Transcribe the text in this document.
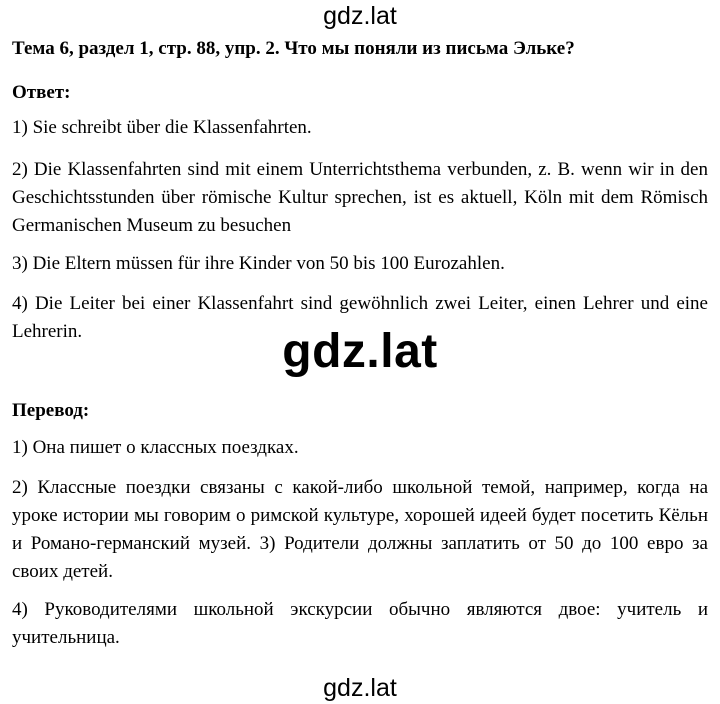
gdz.lat
Тема 6, раздел 1, стр. 88, упр. 2. Что мы поняли из письма Эльке?
Ответ:
1) Sie schreibt über die Klassenfahrten.
2) Die Klassenfahrten sind mit einem Unterrichtsthema verbunden, z. B. wenn wir in den Geschichtsstunden über römische Kultur sprechen, ist es aktuell, Köln mit dem Römisch Germanischen Museum zu besuchen
3) Die Eltern müssen für ihre Kinder von 50 bis 100 Eurozahlen.
4) Die Leiter bei einer Klassenfahrt sind gewöhnlich zwei Leiter, einen Lehrer und eine Lehrerin.
Перевод:
1) Она пишет о классных поездках.
2) Классные поездки связаны с какой-либо школьной темой, например, когда на уроке истории мы говорим о римской культуре, хорошей идеей будет посетить Кёльн и Романо-германский музей. 3) Родители должны заплатить от 50 до 100 евро за своих детей.
4) Руководителями школьной экскурсии обычно являются двое: учитель и учительница.
gdz.lat
gdz.lat
